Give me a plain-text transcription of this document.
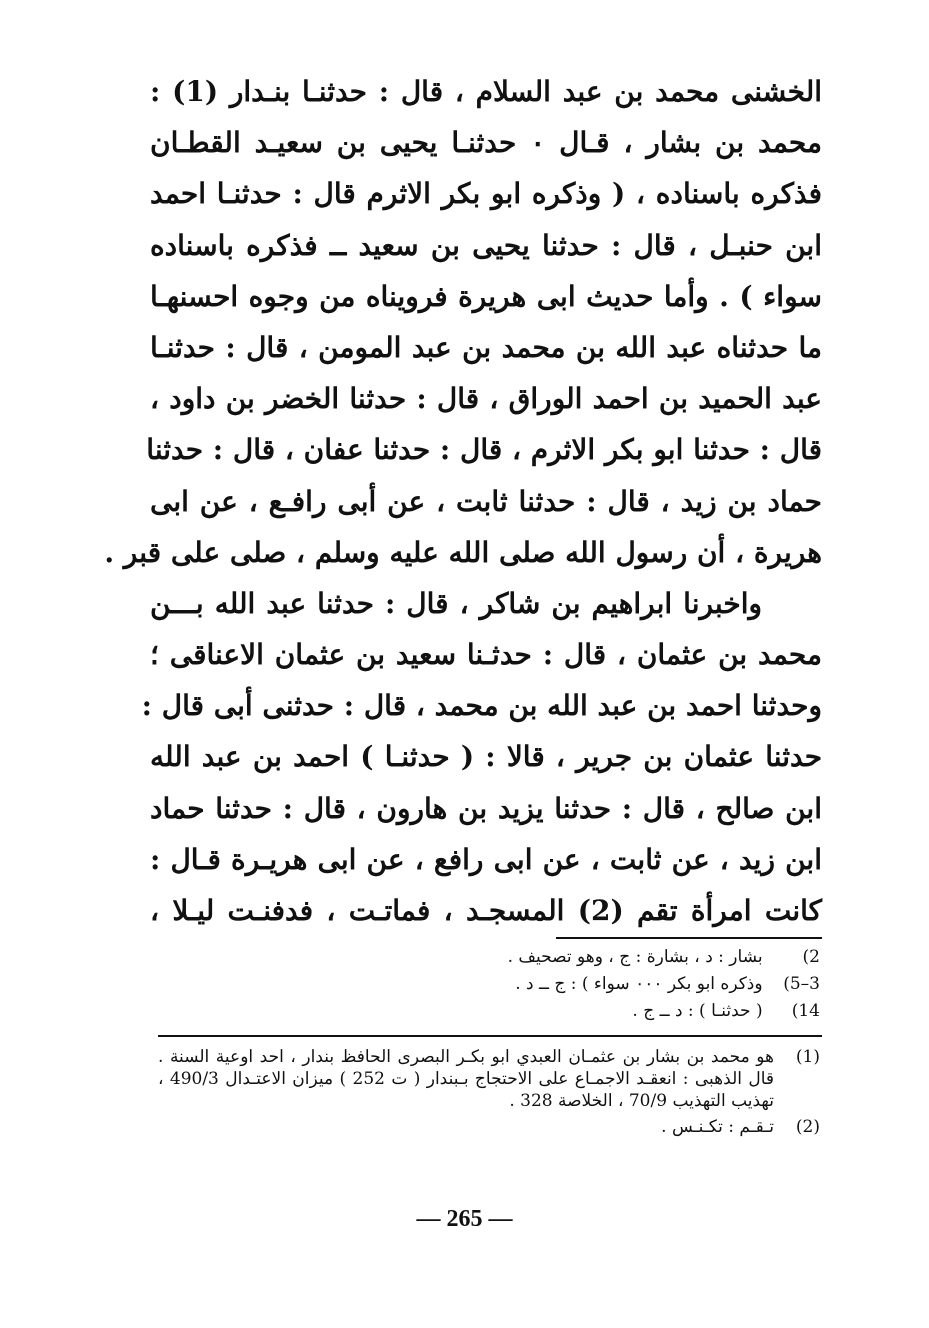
الخشنى محمد بن عبد السلام ، قال : حدثنـا بنـدار (1) :
محمد بن بشار ، قـال ٠ حدثنـا يحيى بن سعيـد القطـان
فذكره باسناده ، ( وذكره ابو بكر الاثرم قال : حدثنـا احمد
ابن حنبـل ، قال : حدثنا يحيى بن سعيد ــ فذكره باسناده
سواء ) . وأما حديث ابى هريرة فرويناه من وجوه احسنهـا
ما حدثناه عبد الله بن محمد بن عبد المومن ، قال : حدثنـا
عبد الحميد بن احمد الوراق ، قال : حدثنا الخضر بن داود ،
قال : حدثنا ابو بكر الاثرم ، قال : حدثنا عفان ، قال : حدثنا
حماد بن زيد ، قال : حدثنا ثابت ، عن أبى رافـع ، عن ابى
هريرة ، أن رسول الله صلى الله عليه وسلم ، صلى على قبر .
واخبرنا ابراهيم بن شاكر ، قال : حدثنا عبد الله بـــن
محمد بن عثمان ، قال : حدثـنا سعيد بن عثمان الاعناقى ؛
وحدثنا احمد بن عبد الله بن محمد ، قال : حدثنى أبى قال :
حدثنا عثمان بن جرير ، قالا : ( حدثنـا ) احمد بن عبد الله
ابن صالح ، قال : حدثنا يزيد بن هارون ، قال : حدثنا حماد
ابن زيد ، عن ثابت ، عن ابى رافع ، عن ابى هريـرة قـال :
كانت امرأة تقم (2) المسجـد ، فماتـت ، فدفنـت ليـلا ،
2) بشار : د ، بشارة : ج ، وهو تصحيف .
3–5) وذكره ابو بكر ٠٠٠ سواء ) : ج ــ د .
14) ( حدثنـا ) : د ــ ج .
(1)
هو محمد بن بشار بن عثمـان العبدي ابو بكـر البصرى الحافظ بندار ، احد اوعية السنة . قال الذهبى : انعقـد الاجمـاع على الاحتجاج بـبندار ( ت 252 ) ميزان الاعتـدال 490/3 ، تهذيب التهذيب 70/9 ، الخلاصة 328 .
(2)
تـقـم : تكـنـس .
— 265 —
